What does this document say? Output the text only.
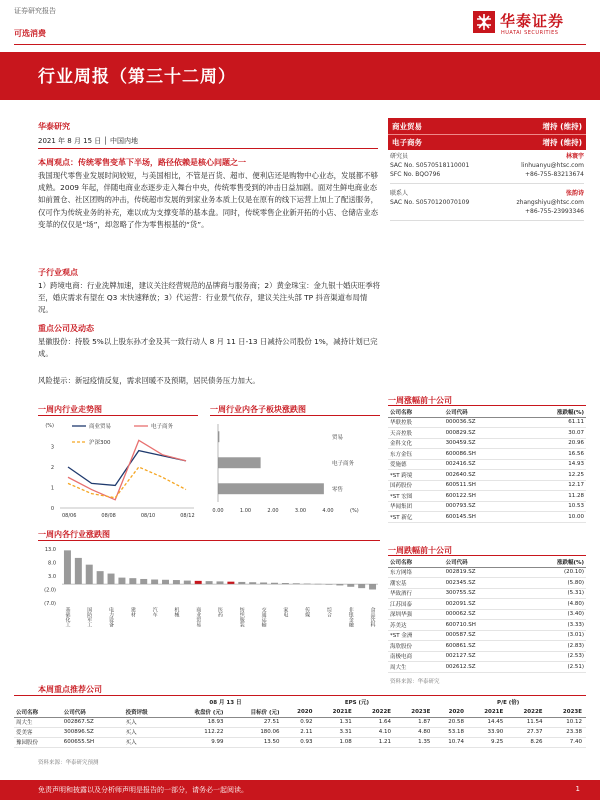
证券研究报告
可选消费
华泰证券
HUATAI SECURITIES
行业周报（第三十二周）
华泰研究
2021 年 8 月 15 日 │ 中国内地
本周观点：传统零售变革下半场，路径依赖是核心问题之一
我国现代零售业发展时间较短，与美国相比，不管是百货、超市、便利店还是购物中心业态，发展都不够成熟。2009 年起，伴随电商业态逐步走入舞台中央，传统零售受到的冲击日益加剧。面对生鲜电商业态如前置仓、社区团购的冲击，传统超市发展的到家业务本质上仅是在原有的线下运营上加上了配送服务，仅可作为传统业务的补充，难以成为支撑变革的基本盘。同时，传统零售企业新开拓的小店、仓储店业态变革的仅仅是“场”，却忽略了作为零售根基的“货”。
子行业观点
1）跨境电商：行业洗牌加速，建议关注经营规范的品牌商与服务商；2）黄金珠宝：金九银十婚庆旺季将至，婚庆需求有望在 Q3 末快速释放；3）代运营：行业景气依存，建议关注头部 TP 抖音渠道布局情况。
重点公司及动态
星徽股份：持股 5%以上股东孙才金及其一致行动人 8 月 11 日-13 日减持公司股份 1%，减持计划已完成。
风险提示：新冠疫情反复，需求回暖不及预期，居民债务压力加大。
商业贸易	增持 (维持)
电子商务	增持 (维持)
研究员	林寰宇
SAC No. S0570518110001	linhuanyu@htsc.com
SFC No. BQO796	+86-755-83213674
联系人	张韵诗
SAC No. S0570120070109	zhangshiyu@htsc.com
+86-755-23993346
一周内行业走势图
(%)
3
2
1
0
08/06	08/08	08/10	08/12
商业贸易	电子商务
沪深300
一周行业内各子板块涨跌图
贸易
电子商务
零售
0.00	1.00	2.00	3.00	4.00	(%)
一周内各行业涨跌图
13.0
8.0
3.0
(2.0)
(7.0)
基础化工	国防军工	电力设备	建材	汽车	机械	商业贸易	医药	纺织服装	交通运输	家电	传媒	综合	非银金融	食品饮料
一周涨幅前十公司
公司名称	公司代码	涨跌幅(%)
华联控股	000036.SZ	61.11
天音控股	000829.SZ	30.07
金科文化	300459.SZ	20.96
东方金钰	600086.SH	16.56
爱施德	002416.SZ	14.93
*ST 跨境	002640.SZ	12.25
国药股份	600511.SH	12.17
*ST 宏图	600122.SH	11.28
华闻集团	000793.SZ	10.53
*ST 新亿	600145.SH	10.00
一周跌幅前十公司
公司名称	公司代码	涨跌幅(%)
东方网络	002819.SZ	(20.10)
潮宏基	002345.SZ	(5.80)
华致酒行	300755.SZ	(5.31)
江苏国泰	002091.SZ	(4.80)
深圳华强	000062.SZ	(3.40)
苏美达	600710.SH	(3.33)
*ST 金洲	000587.SZ	(3.01)
海欣股份	600861.SZ	(2.83)
南极电商	002127.SZ	(2.53)
周大生	002612.SZ	(2.51)
资料来源：华泰研究
本周重点推荐公司
			08 月 13 日		EPS (元)				P/E (倍)			
公司名称	公司代码	投资评级	收盘价 (元)	目标价 (元)	2020	2021E	2022E	2023E	2020	2021E	2022E	2023E
周大生	002867.SZ	买入	18.93	27.51	0.92	1.31	1.64	1.87	20.58	14.45	11.54	10.12
爱美客	300896.SZ	买入	112.22	180.06	2.11	3.31	4.10	4.80	53.18	33.90	27.37	23.38
豫园股份	600655.SH	买入	9.99	13.50	0.93	1.08	1.21	1.35	10.74	9.25	8.26	7.40
资料来源：华泰研究预测
免责声明和披露以及分析师声明是报告的一部分，请务必一起阅读。	1
